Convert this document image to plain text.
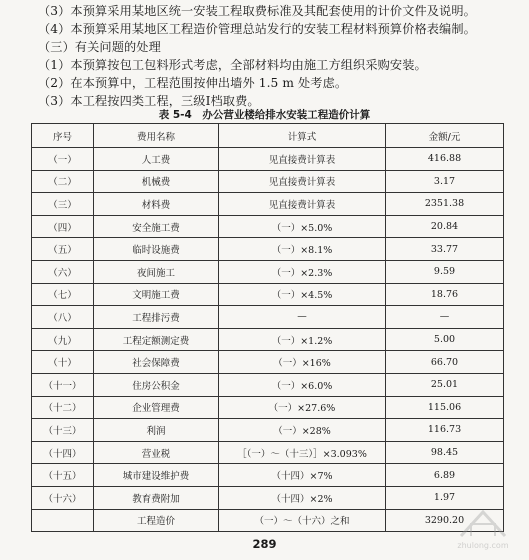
（3）本预算采用某地区统一安装工程取费标准及其配套使用的计价文件及说明。
（4）本预算采用某地区工程造价管理总站发行的安装工程材料预算价格表编制。
（三）有关问题的处理
（1）本预算按包工包料形式考虑，全部材料均由施工方组织采购安装。
（2）在本预算中，工程范围按伸出墙外 1.5 m 处考虑。
（3）本工程按四类工程，三级Ⅰ档取费。
表 5-4　办公营业楼给排水安装工程造价计算
序号	费用名称	计算式	金额/元
（一）	人工费	见直接费计算表	416.88
（二）	机械费	见直接费计算表	3.17
（三）	材料费	见直接费计算表	2351.38
（四）	安全施工费	（一）×5.0%	20.84
（五）	临时设施费	（一）×8.1%	33.77
（六）	夜间施工	（一）×2.3%	9.59
（七）	文明施工费	（一）×4.5%	18.76
（八）	工程排污费	—	—
（九）	工程定额测定费	（一）×1.2%	5.00
（十）	社会保障费	（一）×16%	66.70
（十一）	住房公积金	（一）×6.0%	25.01
（十二）	企业管理费	（一）×27.6%	115.06
（十三）	利润	（一）×28%	116.73
（十四）	营业税	［（一）～（十三）］×3.093%	98.45
（十五）	城市建设维护费	（十四）×7%	6.89
（十六）	教育费附加	（十四）×2%	1.97
	工程造价	（一）～（十六）之和	3290.20
289	zhulong.com
